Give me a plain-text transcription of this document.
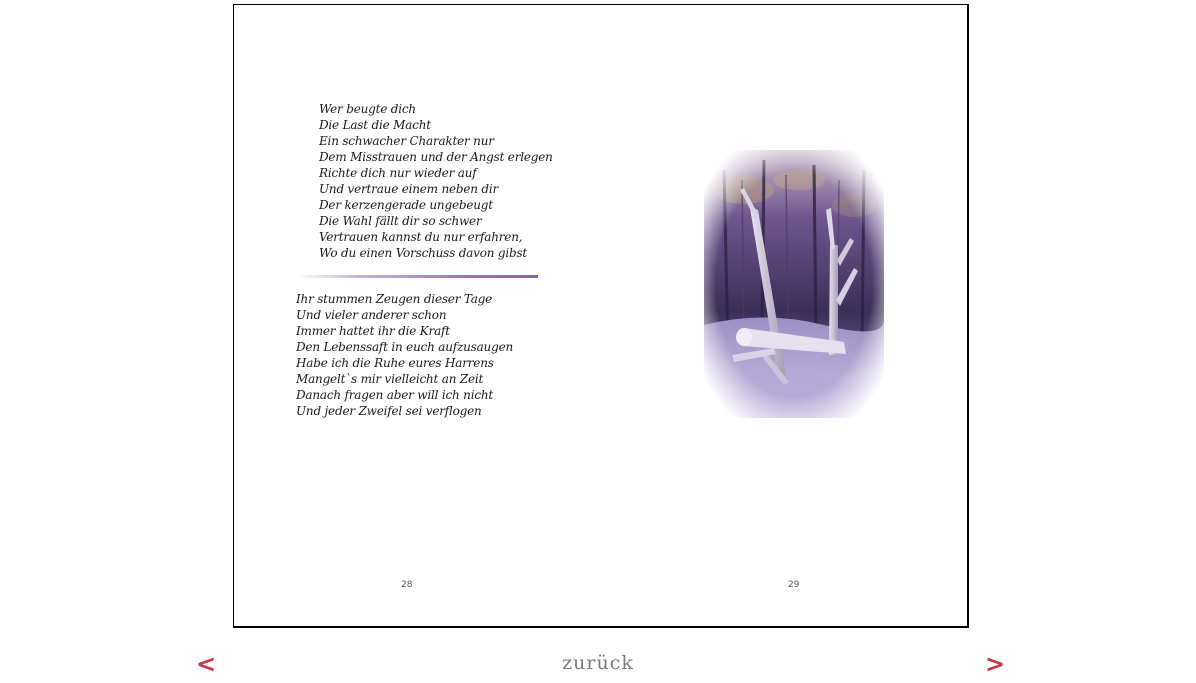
Wer beugte dich
Die Last die Macht
Ein schwacher Charakter nur
Dem Misstrauen und der Angst erlegen
Richte dich nur wieder auf
Und vertraue einem neben dir
Der kerzengerade ungebeugt
Die Wahl fällt dir so schwer
Vertrauen kannst du nur erfahren,
Wo du einen Vorschuss davon gibst
Ihr stummen Zeugen dieser Tage
Und vieler anderer schon
Immer hattet ihr die Kraft
Den Lebenssaft in euch aufzusaugen
Habe ich die Ruhe eures Harrens
Mangelt`s mir vielleicht an Zeit
Danach fragen aber will ich nicht
Und jeder Zweifel sei verflogen
28	29
<	zurück	>
